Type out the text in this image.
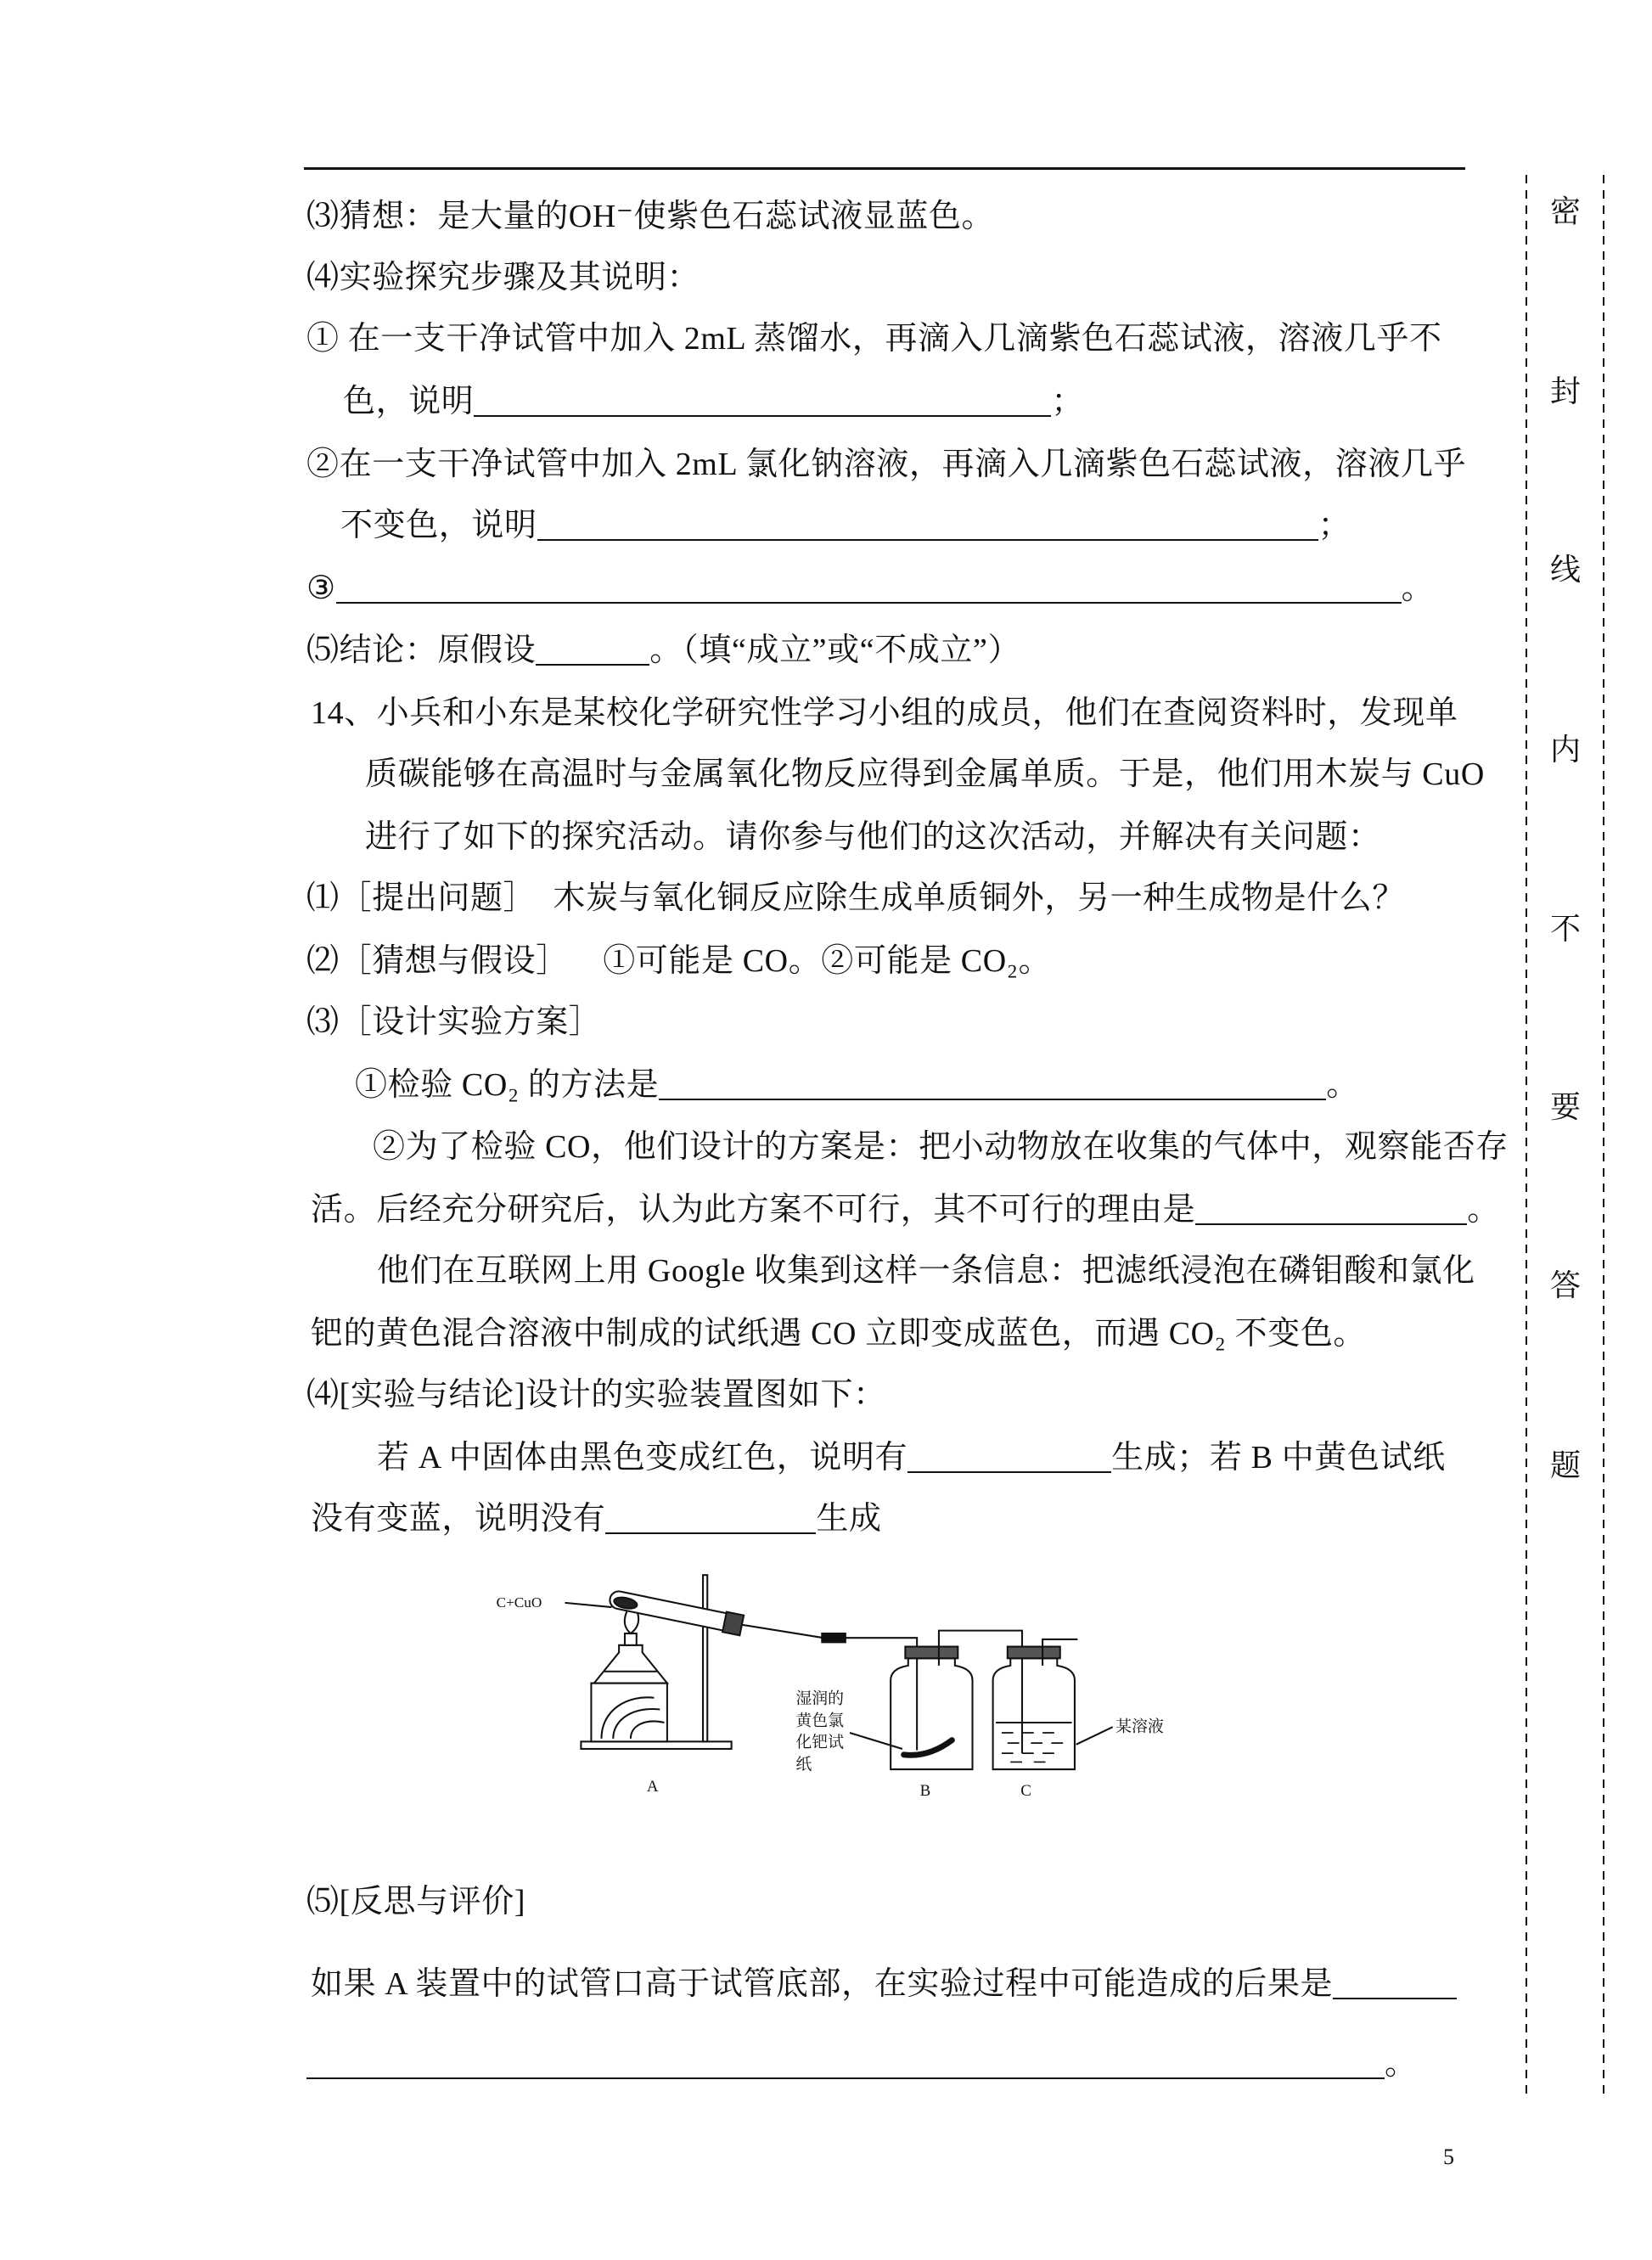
⑶猜想：是大量的OH⁻使紫色石蕊试液显蓝色。
⑷实验探究步骤及其说明：
① 在一支干净试管中加入 2mL 蒸馏水，再滴入几滴紫色石蕊试液，溶液几乎不
色，说明	；
②在一支干净试管中加入 2mL 氯化钠溶液，再滴入几滴紫色石蕊试液，溶液几乎
不变色，说明	；
③	。
⑸结论：原假设	。（填“成立”或“不成立”）
14、小兵和小东是某校化学研究性学习小组的成员，他们在查阅资料时，发现单
质碳能够在高温时与金属氧化物反应得到金属单质。于是，他们用木炭与 CuO
进行了如下的探究活动。请你参与他们的这次活动，并解决有关问题：
⑴［提出问题］  木炭与氧化铜反应除生成单质铜外，另一种生成物是什么？
⑵［猜想与假设］    ①可能是 CO。②可能是 CO₂。
⑶［设计实验方案］
①检验 CO₂ 的方法是	。
②为了检验 CO，他们设计的方案是：把小动物放在收集的气体中，观察能否存
活。后经充分研究后，认为此方案不可行，其不可行的理由是	。
他们在互联网上用 Google 收集到这样一条信息：把滤纸浸泡在磷钼酸和氯化
钯的黄色混合溶液中制成的试纸遇 CO 立即变成蓝色，而遇 CO₂ 不变色。
⑷[实验与结论]设计的实验装置图如下：
若 A 中固体由黑色变成红色，说明有	生成；若 B 中黄色试纸
没有变蓝，说明没有	生成
C+CuO
湿润的
黄色氯
化钯试
纸
某溶液
A	B	C
⑸[反思与评价]
如果 A 装置中的试管口高于试管底部，在实验过程中可能造成的后果是
。
密
封
线
内
不
要
答
题
5
